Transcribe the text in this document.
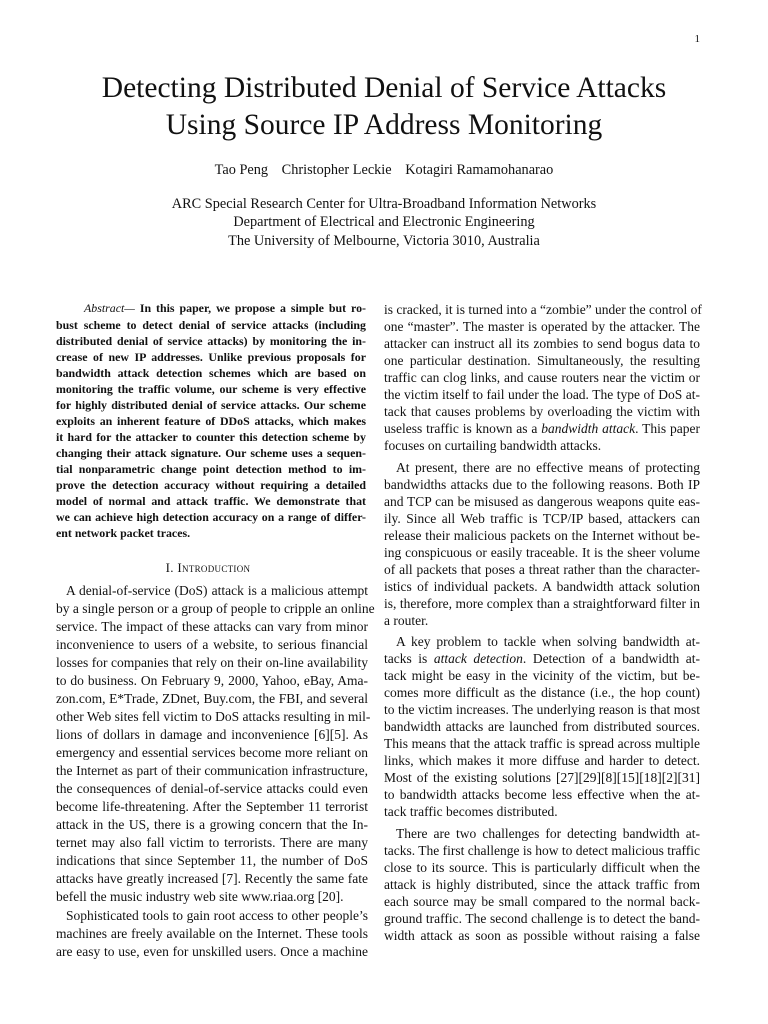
1
Detecting Distributed Denial of Service Attacks
Using Source IP Address Monitoring
Tao Peng Christopher Leckie Kotagiri Ramamohanarao
ARC Special Research Center for Ultra-Broadband Information Networks
Department of Electrical and Electronic Engineering
The University of Melbourne, Victoria 3010, Australia
Abstract— In this paper, we propose a simple but ro-
bust scheme to detect denial of service attacks (including
distributed denial of service attacks) by monitoring the in-
crease of new IP addresses. Unlike previous proposals for
bandwidth attack detection schemes which are based on
monitoring the traffic volume, our scheme is very effective
for highly distributed denial of service attacks. Our scheme
exploits an inherent feature of DDoS attacks, which makes
it hard for the attacker to counter this detection scheme by
changing their attack signature. Our scheme uses a sequen-
tial nonparametric change point detection method to im-
prove the detection accuracy without requiring a detailed
model of normal and attack traffic. We demonstrate that
we can achieve high detection accuracy on a range of differ-
ent network packet traces.
I. Introduction
A denial-of-service (DoS) attack is a malicious attempt
by a single person or a group of people to cripple an online
service. The impact of these attacks can vary from minor
inconvenience to users of a website, to serious financial
losses for companies that rely on their on-line availability
to do business. On February 9, 2000, Yahoo, eBay, Ama-
zon.com, E*Trade, ZDnet, Buy.com, the FBI, and several
other Web sites fell victim to DoS attacks resulting in mil-
lions of dollars in damage and inconvenience [6][5]. As
emergency and essential services become more reliant on
the Internet as part of their communication infrastructure,
the consequences of denial-of-service attacks could even
become life-threatening. After the September 11 terrorist
attack in the US, there is a growing concern that the In-
ternet may also fall victim to terrorists. There are many
indications that since September 11, the number of DoS
attacks have greatly increased [7]. Recently the same fate
befell the music industry web site www.riaa.org [20].
Sophisticated tools to gain root access to other people’s
machines are freely available on the Internet. These tools
are easy to use, even for unskilled users. Once a machine
is cracked, it is turned into a “zombie” under the control of
one “master”. The master is operated by the attacker. The
attacker can instruct all its zombies to send bogus data to
one particular destination. Simultaneously, the resulting
traffic can clog links, and cause routers near the victim or
the victim itself to fail under the load. The type of DoS at-
tack that causes problems by overloading the victim with
useless traffic is known as a bandwidth attack. This paper
focuses on curtailing bandwidth attacks.
At present, there are no effective means of protecting
bandwidths attacks due to the following reasons. Both IP
and TCP can be misused as dangerous weapons quite eas-
ily. Since all Web traffic is TCP/IP based, attackers can
release their malicious packets on the Internet without be-
ing conspicuous or easily traceable. It is the sheer volume
of all packets that poses a threat rather than the character-
istics of individual packets. A bandwidth attack solution
is, therefore, more complex than a straightforward filter in
a router.
A key problem to tackle when solving bandwidth at-
tacks is attack detection. Detection of a bandwidth at-
tack might be easy in the vicinity of the victim, but be-
comes more difficult as the distance (i.e., the hop count)
to the victim increases. The underlying reason is that most
bandwidth attacks are launched from distributed sources.
This means that the attack traffic is spread across multiple
links, which makes it more diffuse and harder to detect.
Most of the existing solutions [27][29][8][15][18][2][31]
to bandwidth attacks become less effective when the at-
tack traffic becomes distributed.
There are two challenges for detecting bandwidth at-
tacks. The first challenge is how to detect malicious traffic
close to its source. This is particularly difficult when the
attack is highly distributed, since the attack traffic from
each source may be small compared to the normal back-
ground traffic. The second challenge is to detect the band-
width attack as soon as possible without raising a false
